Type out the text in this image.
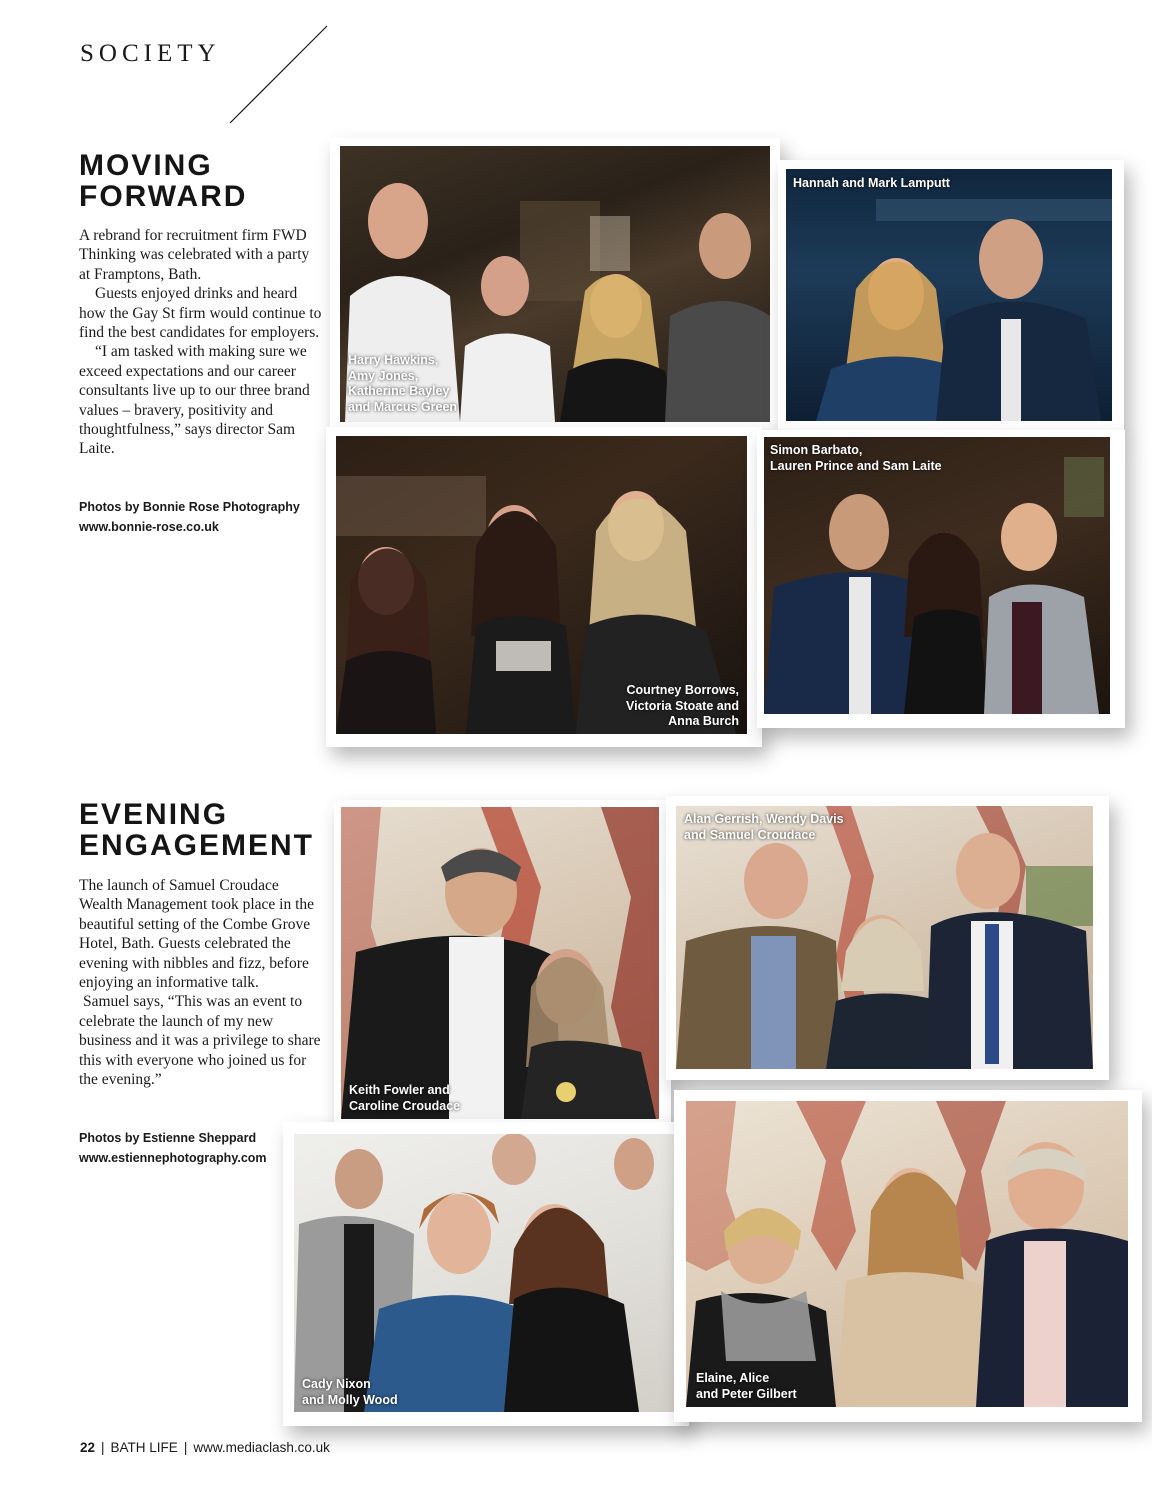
SOCIETY
MOVING
FORWARD

A rebrand for recruitment firm FWD Thinking was celebrated with a party at Framptons, Bath.

Guests enjoyed drinks and heard how the Gay St firm would continue to find the best candidates for employers.

“I am tasked with making sure we exceed expectations and our career consultants live up to our three brand values – bravery, positivity and thoughtfulness,” says director Sam Laite.

Photos by Bonnie Rose Photography
www.bonnie-rose.co.uk
Harry Hawkins,
Amy Jones,
Katherine Bayley
and Marcus Green
Hannah and Mark Lamputt
Courtney Borrows,
Victoria Stoate and
Anna Burch
Simon Barbato,
Lauren Prince and Sam Laite
EVENING
ENGAGEMENT

The launch of Samuel Croudace Wealth Management took place in the beautiful setting of the Combe Grove Hotel, Bath. Guests celebrated the evening with nibbles and fizz, before enjoying an informative talk.

Samuel says, “This was an event to celebrate the launch of my new business and it was a privilege to share this with everyone who joined us for the evening.”

Photos by Estienne Sheppard
www.estiennephotography.com
Keith Fowler and
Caroline Croudace
Alan Gerrish, Wendy Davis
and Samuel Croudace
Cady Nixon
and Molly Wood
Elaine, Alice
and Peter Gilbert
22 | BATH LIFE | www.mediaclash.co.uk
